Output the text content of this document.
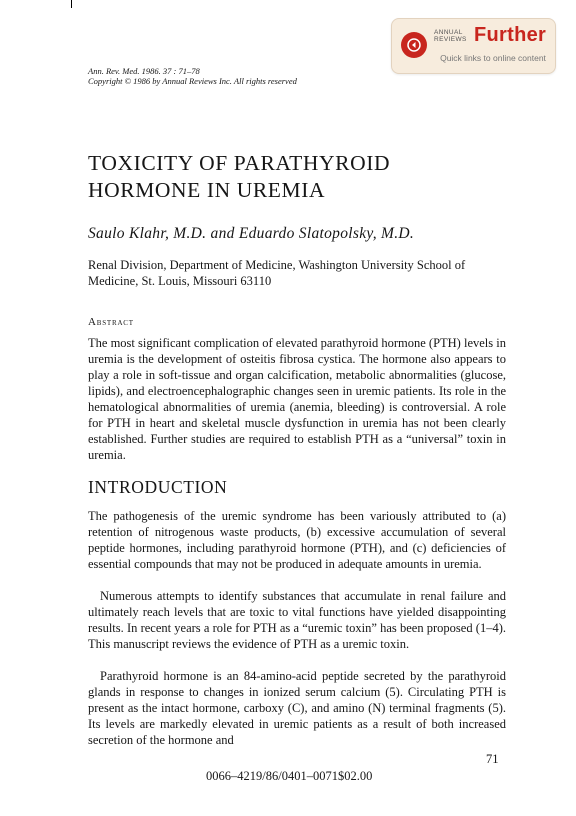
ANNUAL
REVIEWS Further
Quick links to online content
Ann. Rev. Med. 1986. 37 : 71–78
Copyright © 1986 by Annual Reviews Inc. All rights reserved
TOXICITY OF PARATHYROID HORMONE IN UREMIA
Saulo Klahr, M.D. and Eduardo Slatopolsky, M.D.
Renal Division, Department of Medicine, Washington University School of Medicine, St. Louis, Missouri 63110
Abstract

The most significant complication of elevated parathyroid hormone (PTH) levels in uremia is the development of osteitis fibrosa cystica. The hormone also appears to play a role in soft-tissue and organ calcification, metabolic abnormalities (glucose, lipids), and electroencephalographic changes seen in uremic patients. Its role in the hematological abnormalities of uremia (anemia, bleeding) is controversial. A role for PTH in heart and skeletal muscle dysfunction in uremia has not been clearly established. Further studies are required to establish PTH as a “universal” toxin in uremia.

INTRODUCTION

The pathogenesis of the uremic syndrome has been variously attributed to (a) retention of nitrogenous waste products, (b) excessive accumulation of several peptide hormones, including parathyroid hormone (PTH), and (c) deficiencies of essential compounds that may not be produced in adequate amounts in uremia.

Numerous attempts to identify substances that accumulate in renal failure and ultimately reach levels that are toxic to vital functions have yielded disappointing results. In recent years a role for PTH as a “uremic toxin” has been proposed (1–4). This manuscript reviews the evidence of PTH as a uremic toxin.

Parathyroid hormone is an 84-amino-acid peptide secreted by the parathyroid glands in response to changes in ionized serum calcium (5). Circulating PTH is present as the intact hormone, carboxy (C), and amino (N) terminal fragments (5). Its levels are markedly elevated in uremic patients as a result of both increased secretion of the hormone and

71
0066–4219/86/0401–0071$02.00
